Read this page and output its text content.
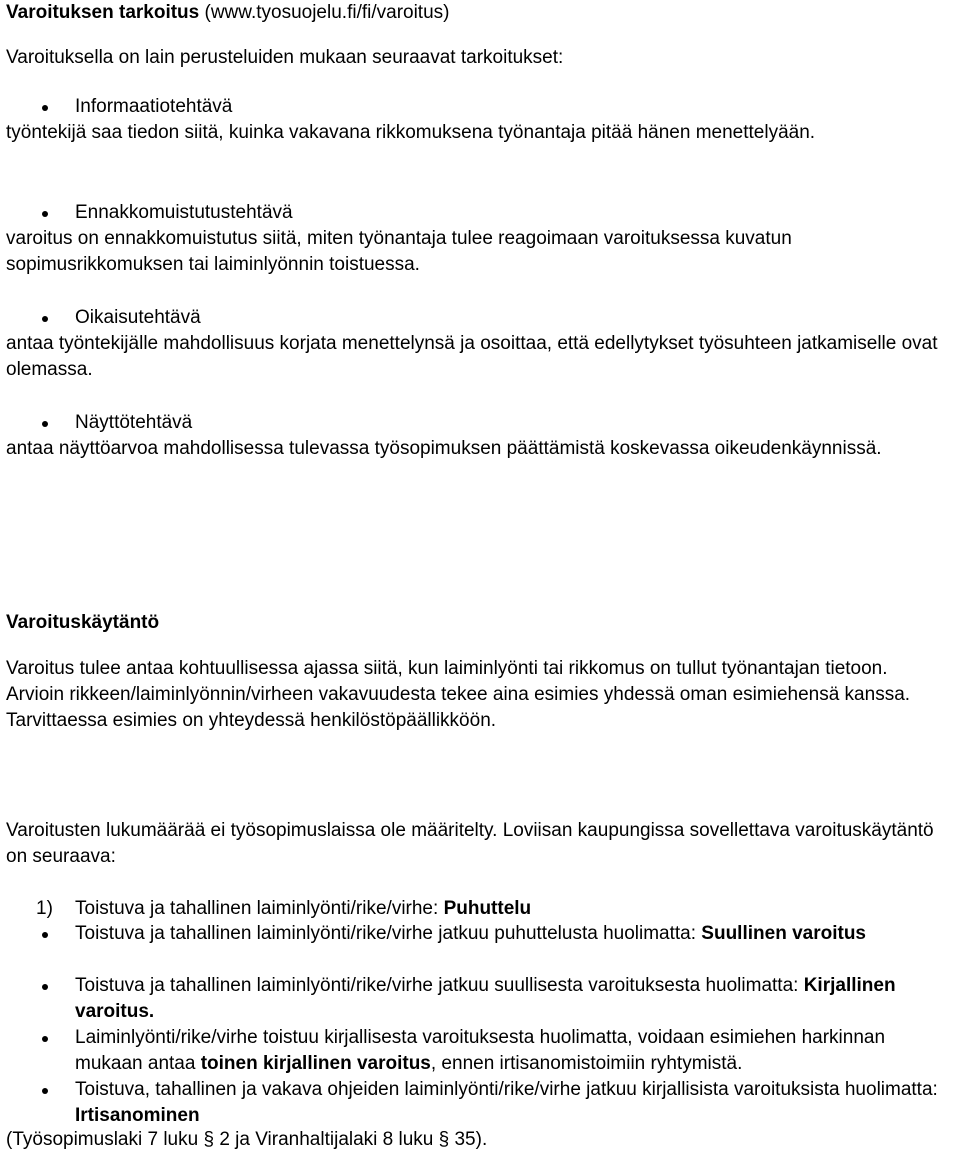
Varoituksen tarkoitus (www.tyosuojelu.fi/fi/varoitus)
Varoituksella on lain perusteluiden mukaan seuraavat tarkoitukset:
Informaatiotehtävä
työntekijä saa tiedon siitä, kuinka vakavana rikkomuksena työnantaja pitää hänen menettelyään.
Ennakkomuistutustehtävä
varoitus on ennakkomuistutus siitä, miten työnantaja tulee reagoimaan varoituksessa kuvatun sopimusrikkomuksen tai laiminlyönnin toistuessa.
Oikaisutehtävä
antaa työntekijälle mahdollisuus korjata menettelynsä ja osoittaa, että edellytykset työsuhteen jatkamiselle ovat olemassa.
Näyttötehtävä
antaa näyttöarvoa mahdollisessa tulevassa työsopimuksen päättämistä koskevassa oikeudenkäynnissä.
Varoituskäytäntö
Varoitus tulee antaa kohtuullisessa ajassa siitä, kun laiminlyönti tai rikkomus on tullut työnantajan tietoon. Arvioin rikkeen/laiminlyönnin/virheen vakavuudesta tekee aina esimies yhdessä oman esimiehensä kanssa. Tarvittaessa esimies on yhteydessä henkilöstöpäällikköön.
Varoitusten lukumäärää ei työsopimuslaissa ole määritelty. Loviisan kaupungissa sovellettava varoituskäytäntö on seuraava:
1) Toistuva ja tahallinen laiminlyönti/rike/virhe: Puhuttelu
Toistuva ja tahallinen laiminlyönti/rike/virhe jatkuu puhuttelusta huolimatta: Suullinen varoitus
Toistuva ja tahallinen laiminlyönti/rike/virhe jatkuu suullisesta varoituksesta huolimatta: Kirjallinen varoitus.
Laiminlyönti/rike/virhe toistuu kirjallisesta varoituksesta huolimatta, voidaan esimiehen harkinnan mukaan antaa toinen kirjallinen varoitus, ennen irtisanomistoimiin ryhtymistä.
Toistuva, tahallinen ja vakava ohjeiden laiminlyönti/rike/virhe jatkuu kirjallisista varoituksista huolimatta: Irtisanominen
(Työsopimuslaki 7 luku § 2 ja Viranhaltijalaki 8 luku § 35).
